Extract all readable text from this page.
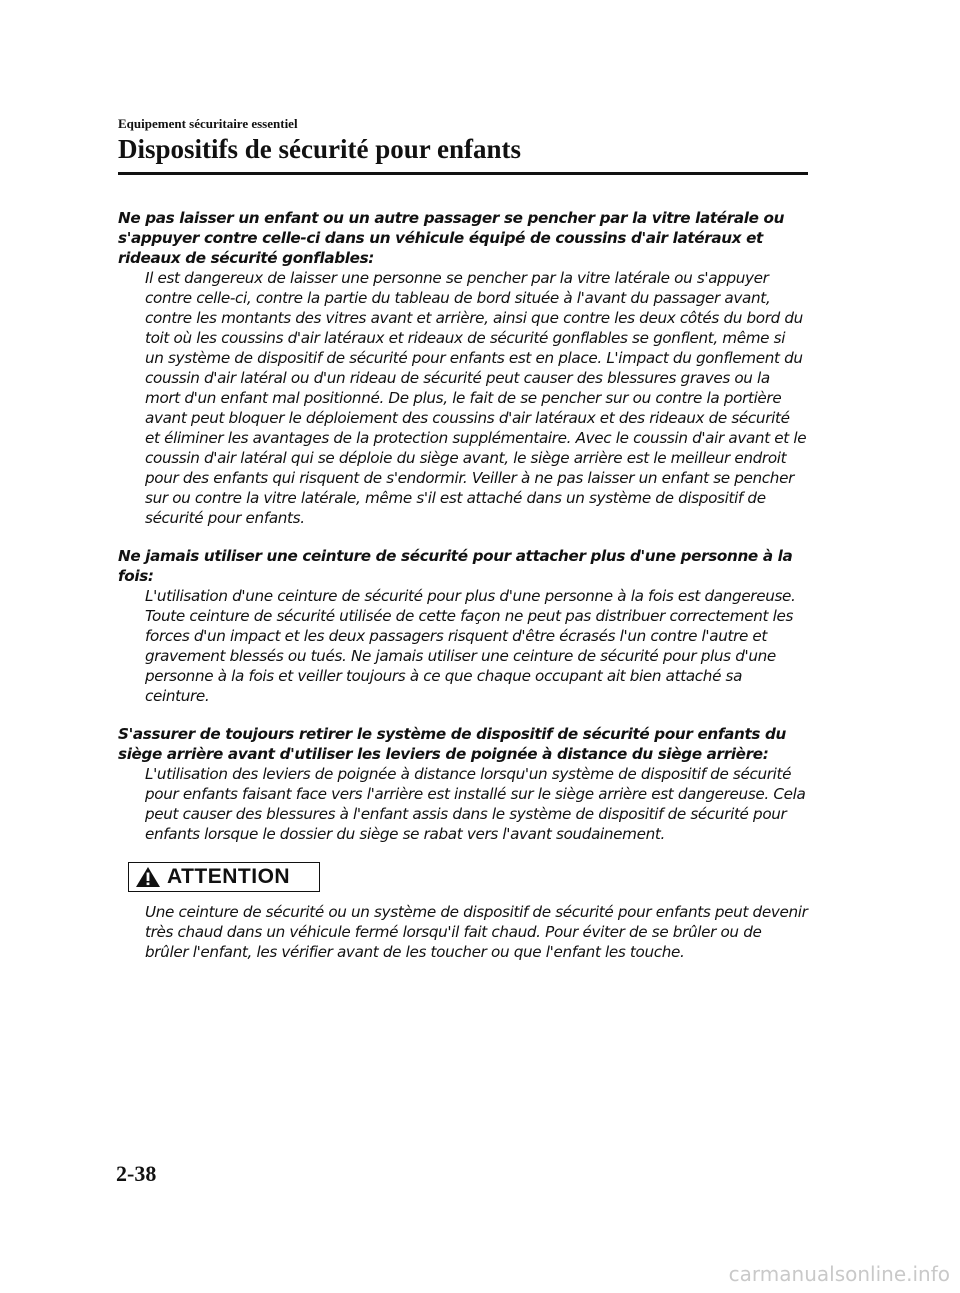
Equipement sécuritaire essentiel
Dispositifs de sécurité pour enfants

Ne pas laisser un enfant ou un autre passager se pencher par la vitre latérale ou s'appuyer contre celle-ci dans un véhicule équipé de coussins d'air latéraux et rideaux de sécurité gonflables:

Il est dangereux de laisser une personne se pencher par la vitre latérale ou s'appuyer contre celle-ci, contre la partie du tableau de bord située à l'avant du passager avant, contre les montants des vitres avant et arrière, ainsi que contre les deux côtés du bord du toit où les coussins d'air latéraux et rideaux de sécurité gonflables se gonflent, même si un système de dispositif de sécurité pour enfants est en place. L'impact du gonflement du coussin d'air latéral ou d'un rideau de sécurité peut causer des blessures graves ou la mort d'un enfant mal positionné. De plus, le fait de se pencher sur ou contre la portière avant peut bloquer le déploiement des coussins d'air latéraux et des rideaux de sécurité et éliminer les avantages de la protection supplémentaire. Avec le coussin d'air avant et le coussin d'air latéral qui se déploie du siège avant, le siège arrière est le meilleur endroit pour des enfants qui risquent de s'endormir. Veiller à ne pas laisser un enfant se pencher sur ou contre la vitre latérale, même s'il est attaché dans un système de dispositif de sécurité pour enfants.

Ne jamais utiliser une ceinture de sécurité pour attacher plus d'une personne à la fois:

L'utilisation d'une ceinture de sécurité pour plus d'une personne à la fois est dangereuse. Toute ceinture de sécurité utilisée de cette façon ne peut pas distribuer correctement les forces d'un impact et les deux passagers risquent d'être écrasés l'un contre l'autre et gravement blessés ou tués. Ne jamais utiliser une ceinture de sécurité pour plus d'une personne à la fois et veiller toujours à ce que chaque occupant ait bien attaché sa ceinture.

S'assurer de toujours retirer le système de dispositif de sécurité pour enfants du siège arrière avant d'utiliser les leviers de poignée à distance du siège arrière:

L'utilisation des leviers de poignée à distance lorsqu'un système de dispositif de sécurité pour enfants faisant face vers l'arrière est installé sur le siège arrière est dangereuse. Cela peut causer des blessures à l'enfant assis dans le système de dispositif de sécurité pour enfants lorsque le dossier du siège se rabat vers l'avant soudainement.

ATTENTION

Une ceinture de sécurité ou un système de dispositif de sécurité pour enfants peut devenir très chaud dans un véhicule fermé lorsqu'il fait chaud. Pour éviter de se brûler ou de brûler l'enfant, les vérifier avant de les toucher ou que l'enfant les touche.

2-38
carmanualsonline.info
